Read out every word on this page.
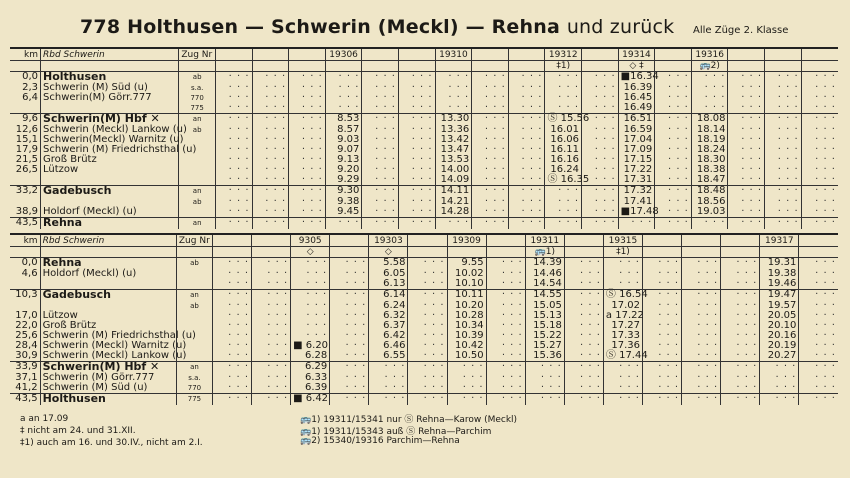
778 Holthusen — Schwerin (Meckl) — Rehna und zurück Alle Züge 2. Klasse
km	Rbd Schwerin	Zug Nr				19306			19310			19312		19314		19316			
												‡1)		◇ ‡		🚌2)			
0,0	Holthusen	ab	· · ·	· · ·	· · ·	· · ·	· · ·	· · ·	· · ·	· · ·	· · ·	· · ·	· · ·	■16.34	· · ·	· · ·	· · ·	· · ·	· · ·
2,3	Schwerin (M) Süd (u)	s.a.	· · ·	· · ·	· · ·	· · ·	· · ·	· · ·	· · ·	· · ·	· · ·	· · ·	· · ·	16.39	· · ·	· · ·	· · ·	· · ·	· · ·
6,4	Schwerin(M) Görr.777	770	· · ·	· · ·	· · ·	· · ·	· · ·	· · ·	· · ·	· · ·	· · ·	· · ·	· · ·	16.45	· · ·	· · ·	· · ·	· · ·	· · ·
		775	· · ·	· · ·	· · ·	· · ·	· · ·	· · ·	· · ·	· · ·	· · ·	· · ·	· · ·	16.49	· · ·	· · ·	· · ·	· · ·	· · ·
9,6	Schwerin(M) Hbf ✕	an	· · ·	· · ·	· · ·	8.53	· · ·	· · ·	13.30	· · ·	· · ·	Ⓢ 15.56	· · ·	16.51	· · ·	18.08	· · ·	· · ·	· · ·
12,6	Schwerin (Meckl) Lankow (u)	ab	· · ·	· · ·	· · ·	8.57	· · ·	· · ·	13.36	· · ·	· · ·	16.01	· · ·	16.59	· · ·	18.14	· · ·	· · ·	· · ·
15,1	Schwerin(Meckl) Warnitz (u)		· · ·	· · ·	· · ·	9.03	· · ·	· · ·	13.42	· · ·	· · ·	16.06	· · ·	17.04	· · ·	18.19	· · ·	· · ·	· · ·
17,9	Schwerin (M) Friedrichsthal (u)		· · ·	· · ·	· · ·	9.07	· · ·	· · ·	13.47	· · ·	· · ·	16.11	· · ·	17.09	· · ·	18.24	· · ·	· · ·	· · ·
21,5	Groß Brütz		· · ·	· · ·	· · ·	9.13	· · ·	· · ·	13.53	· · ·	· · ·	16.16	· · ·	17.15	· · ·	18.30	· · ·	· · ·	· · ·
26,5	Lützow		· · ·	· · ·	· · ·	9.20	· · ·	· · ·	14.00	· · ·	· · ·	16.24	· · ·	17.22	· · ·	18.38	· · ·	· · ·	· · ·
			· · ·	· · ·	· · ·	9.29	· · ·	· · ·	14.09	· · ·	· · ·	Ⓢ 16.35	· · ·	17.31	· · ·	18.47	· · ·	· · ·	· · ·
33,2	Gadebusch	an	· · ·	· · ·	· · ·	9.30	· · ·	· · ·	14.11	· · ·	· · ·	· · ·	· · ·	17.32	· · ·	18.48	· · ·	· · ·	· · ·
		ab	· · ·	· · ·	· · ·	9.38	· · ·	· · ·	14.21	· · ·	· · ·	· · ·	· · ·	17.41	· · ·	18.56	· · ·	· · ·	· · ·
38,9	Holdorf (Meckl) (u)		· · ·	· · ·	· · ·	9.45	· · ·	· · ·	14.28	· · ·	· · ·	· · ·	· · ·	■17.48	· · ·	19.03	· · ·	· · ·	· · ·
43,5	Rehna	an	· · ·	· · ·	· · ·	· · ·	· · ·	· · ·	· · ·	· · ·	· · ·	· · ·	· · ·	· · ·	· · ·	· · ·	· · ·	· · ·	· · ·
km	Rbd Schwerin	Zug Nr			9305		19303		19309		19311		19315				19317	
					◇		◇				🚌1)		‡1)					
0,0	Rehna	ab	· · ·	· · ·	· · ·	· · ·	5.58	· · ·	9.55	· · ·	14.39	· · ·	· · ·	· · ·	· · ·	· · ·	19.31	· · ·
4,6	Holdorf (Meckl) (u)		· · ·	· · ·	· · ·	· · ·	6.05	· · ·	10.02	· · ·	14.46	· · ·	· · ·	· · ·	· · ·	· · ·	19.38	· · ·
			· · ·	· · ·	· · ·	· · ·	6.13	· · ·	10.10	· · ·	14.54	· · ·	· · ·	· · ·	· · ·	· · ·	19.46	· · ·
10,3	Gadebusch	an	· · ·	· · ·	· · ·	· · ·	6.14	· · ·	10.11	· · ·	14.55	· · ·	Ⓢ 16.54	· · ·	· · ·	· · ·	19.47	· · ·
		ab	· · ·	· · ·	· · ·	· · ·	6.24	· · ·	10.20	· · ·	15.05	· · ·	17.02	· · ·	· · ·	· · ·	19.57	· · ·
17,0	Lützow		· · ·	· · ·	· · ·	· · ·	6.32	· · ·	10.28	· · ·	15.13	· · ·	a 17.22	· · ·	· · ·	· · ·	20.05	· · ·
22,0	Groß Brütz		· · ·	· · ·	· · ·	· · ·	6.37	· · ·	10.34	· · ·	15.18	· · ·	17.27	· · ·	· · ·	· · ·	20.10	· · ·
25,6	Schwerin (M) Friedrichsthal (u)		· · ·	· · ·	· · ·	· · ·	6.42	· · ·	10.39	· · ·	15.22	· · ·	17.33	· · ·	· · ·	· · ·	20.16	· · ·
28,4	Schwerin (Meckl) Warnitz (u)		· · ·	· · ·	■ 6.20	· · ·	6.46	· · ·	10.42	· · ·	15.27	· · ·	17.36	· · ·	· · ·	· · ·	20.19	· · ·
30,9	Schwerin (Meckl) Lankow (u)		· · ·	· · ·	6.28	· · ·	6.55	· · ·	10.50	· · ·	15.36	· · ·	Ⓢ 17.44	· · ·	· · ·	· · ·	20.27	· · ·
33,9	Schwerin(M) Hbf ✕	an	· · ·	· · ·	6.29	· · ·	· · ·	· · ·	· · ·	· · ·	· · ·	· · ·	· · ·	· · ·	· · ·	· · ·	· · ·	· · ·
37,1	Schwerin (M) Görr.777	s.a.	· · ·	· · ·	6.33	· · ·	· · ·	· · ·	· · ·	· · ·	· · ·	· · ·	· · ·	· · ·	· · ·	· · ·	· · ·	· · ·
41,2	Schwerin (M) Süd (u)	770	· · ·	· · ·	6.39	· · ·	· · ·	· · ·	· · ·	· · ·	· · ·	· · ·	· · ·	· · ·	· · ·	· · ·	· · ·	· · ·
43,5	Holthusen	775	· · ·	· · ·	■ 6.42	· · ·	· · ·	· · ·	· · ·	· · ·	· · ·	· · ·	· · ·	· · ·	· · ·	· · ·	· · ·	· · ·
a an 17.09
‡ nicht am 24. und 31.XII.
‡1) auch am 16. und 30.IV., nicht am 2.I.
🚌1) 19311/15341 nur Ⓢ Rehna—Karow (Meckl)
🚌1) 19311/15343 auß Ⓢ Rehna—Parchim
🚌2) 15340/19316 Parchim—Rehna
